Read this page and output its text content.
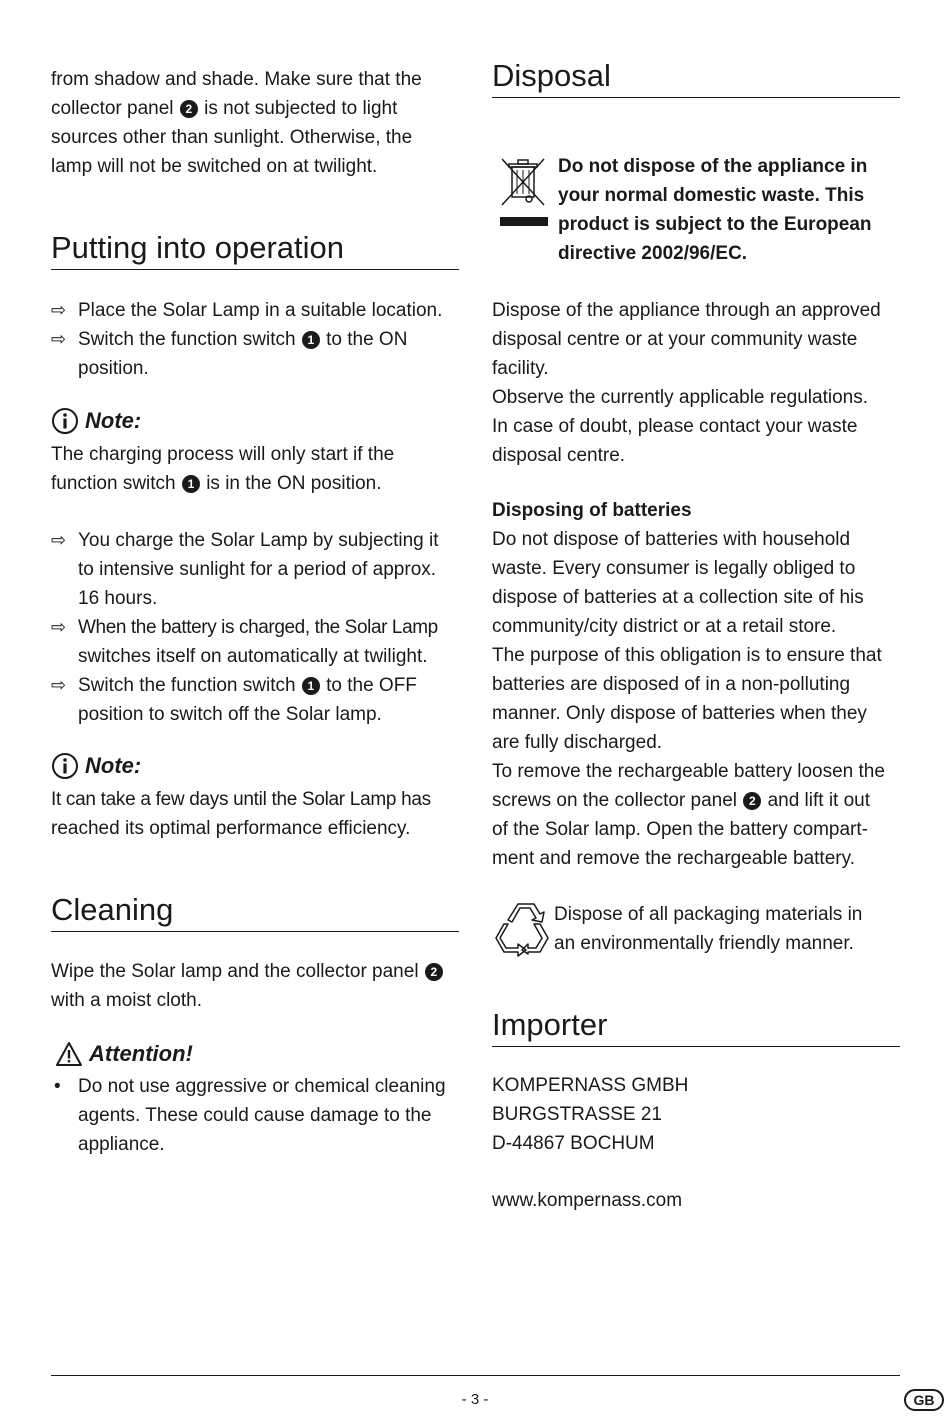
from shadow and shade. Make sure that the

collector panel 2 is not subjected to light

sources other than sunlight. Otherwise, the

lamp will not be switched on at twilight.

Putting into operation
⇨ Place the Solar Lamp in a suitable location.

⇨ Switch the function switch 1 to the ON

position.

Note:

The charging process will only start if the

function switch 1 is in the ON position.

⇨ You charge the Solar Lamp by subjecting it

to intensive sunlight for a period of approx.

16 hours.

⇨ When the battery is charged, the Solar Lamp

switches itself on automatically at twilight.

⇨ Switch the function switch 1 to the OFF

position to switch off the Solar lamp.

Note:

It can take a few days until the Solar Lamp has

reached its optimal performance efficiency.

Cleaning

Wipe the Solar lamp and the collector panel 2

with a moist cloth.

Attention!
• Do not use aggressive or chemical cleaning

agents. These could cause damage to the

appliance.

Disposal

Do not dispose of the appliance in

your normal domestic waste. This

product is subject to the European

directive 2002/96/EC.

Dispose of the appliance through an approved

disposal centre or at your community waste

facility.

Observe the currently applicable regulations.

In case of doubt, please contact your waste

disposal centre.

Disposing of batteries

Do not dispose of batteries with household

waste. Every consumer is legally obliged to

dispose of batteries at a collection site of his

community/city district or at a retail store.

The purpose of this obligation is to ensure that

batteries are disposed of in a non-polluting

manner. Only dispose of batteries when they

are fully discharged.

To remove the rechargeable battery loosen the

screws on the collector panel 2 and lift it out

of the Solar lamp. Open the battery compart-

ment and remove the rechargeable battery.

Dispose of all packaging materials in

an environmentally friendly manner.

Importer

KOMPERNASS GMBH

BURGSTRASSE 21

D-44867 BOCHUM

www.kompernass.com

- 3 -	GB
